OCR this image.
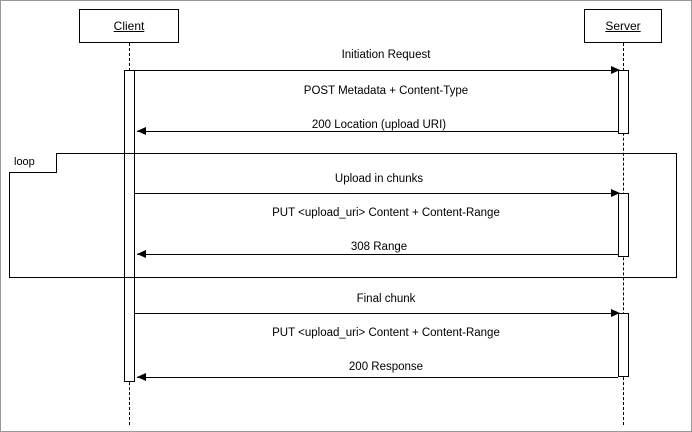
Client	Server
loop
Initiation Request
POST Metadata + Content-Type
200 Location (upload URI)
Upload in chunks
PUT <upload_uri> Content + Content-Range
308 Range
Final chunk
PUT <upload_uri> Content + Content-Range
200 Response
